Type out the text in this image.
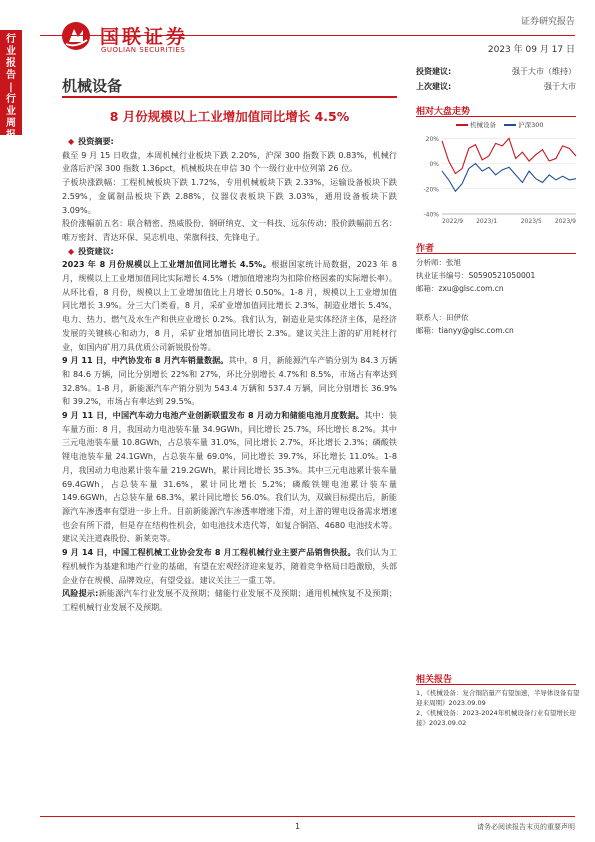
行
业
报
告
|
行
业
周
报
国联证券
GUOLIAN SECURITIES
证券研究报告
2023 年 09 月 17 日
机械设备
8 月份规模以上工业增加值同比增长 4.5%
投资建议:	强于大市（维持）
上次建议:	强于大市
相对大盘走势
机械设备	沪深300
20%
0%
-20%
-40%
2022/9 2023/1	2023/5 2023/9
作者
分析师：张旭
执业证书编号：S0590521050001
邮箱：zxu@glsc.com.cn
联系人：田伊依
邮箱：tianyy@glsc.com.cn
相关报告
1、《机械设备：复合铜箔量产有望加速，半导体设备有望迎来周期》2023.09.09
2、《机械设备：2023-2024年机械设备行业有望增长迎接》2023.09.02

◆ 投资摘要:

截至 9 月 15 日收盘，本周机械行业板块下跌 2.20%，沪深 300 指数下跌 0.83%，机械行业落后沪深 300 指数 1.36pct，机械板块在申信 30 个一级行业中位列第 26 位。

子板块涨跌幅：工程机械板块下跌 1.72%，专用机械板块下跌 2.33%，运输设备板块下跌 2.59%，金属制品板块下跌 2.88%，仪器仪表板块下跌 3.03%，通用设备板块下跌 3.09%。

股价涨幅前五名：联合精密、热威股份、钢研纳克、文一科技、远东传动；股价跌幅前五名：唯万密封、青达环保、昊志机电、荣旗科技、先锋电子。

◆ 投资建议:

2023 年 8 月份规模以上工业增加值同比增长 4.5%。根据国家统计局数据，2023 年 8 月，规模以上工业增加值同比实际增长 4.5%（增加值增速均为扣除价格因素的实际增长率）。从环比看，8 月份，规模以上工业增加值比上月增长 0.50%。1-8 月，规模以上工业增加值同比增长 3.9%。分三大门类看，8 月，采矿业增加值同比增长 2.3%，制造业增长 5.4%，电力、热力、燃气及水生产和供应业增长 0.2%。我们认为，制造业是实体经济主体，是经济发展的关键核心和动力，8 月，采矿业增加值同比增长 2.3%。建议关注上游的矿用耗材行业，如国内矿用刀具优质公司新锐股份等。

9 月 11 日，中汽协发布 8 月汽车销量数据。其中，8 月，新能源汽车产销分别为 84.3 万辆和 84.6 万辆，同比分别增长 22%和 27%，环比分别增长 4.7%和 8.5%，市场占有率达到 32.8%。1-8 月，新能源汽车产销分别为 543.4 万辆和 537.4 万辆，同比分别增长 36.9%和 39.2%，市场占有率达到 29.5%。

9 月 11 日，中国汽车动力电池产业创新联盟发布 8 月动力和储能电池月度数据。其中：装车量方面：8 月，我国动力电池装车量 34.9GWh，同比增长 25.7%，环比增长 8.2%。其中三元电池装车量 10.8GWh，占总装车量 31.0%，同比增长 2.7%，环比增长 2.3%；磷酸铁锂电池装车量 24.1GWh，占总装车量 69.0%，同比增长 39.7%，环比增长 11.0%。1-8 月，我国动力电池累计装车量 219.2GWh，累计同比增长 35.3%。其中三元电池累计装车量 69.4GWh，占总装车量 31.6%，累计同比增长 5.2%；磷酸铁锂电池累计装车量 149.6GWh，占总装车量 68.3%，累计同比增长 56.0%。我们认为，双碳目标提出后，新能源汽车渗透率有望进一步上升。目前新能源汽车渗透率增速下滑，对上游的锂电设备需求增速也会有所下滑，但是存在结构性机会，如电池技术迭代等，如复合铜箔、4680 电池技术等。建议关注道森股份、新莱克等。

9 月 14 日，中国工程机械工业协会发布 8 月工程机械行业主要产品销售快报。我们认为工程机械作为基建和地产行业的基础，有望在宏观经济迎来复苏，随着竞争格局日趋激励，头部企业存在规模、品牌效应，有望受益。建议关注三一重工等。

风险提示:新能源汽车行业发展不及预期；储能行业发展不及预期；通用机械恢复不及预期；工程机械行业发展不及预期。

1	请务必阅读报告末页的重要声明
